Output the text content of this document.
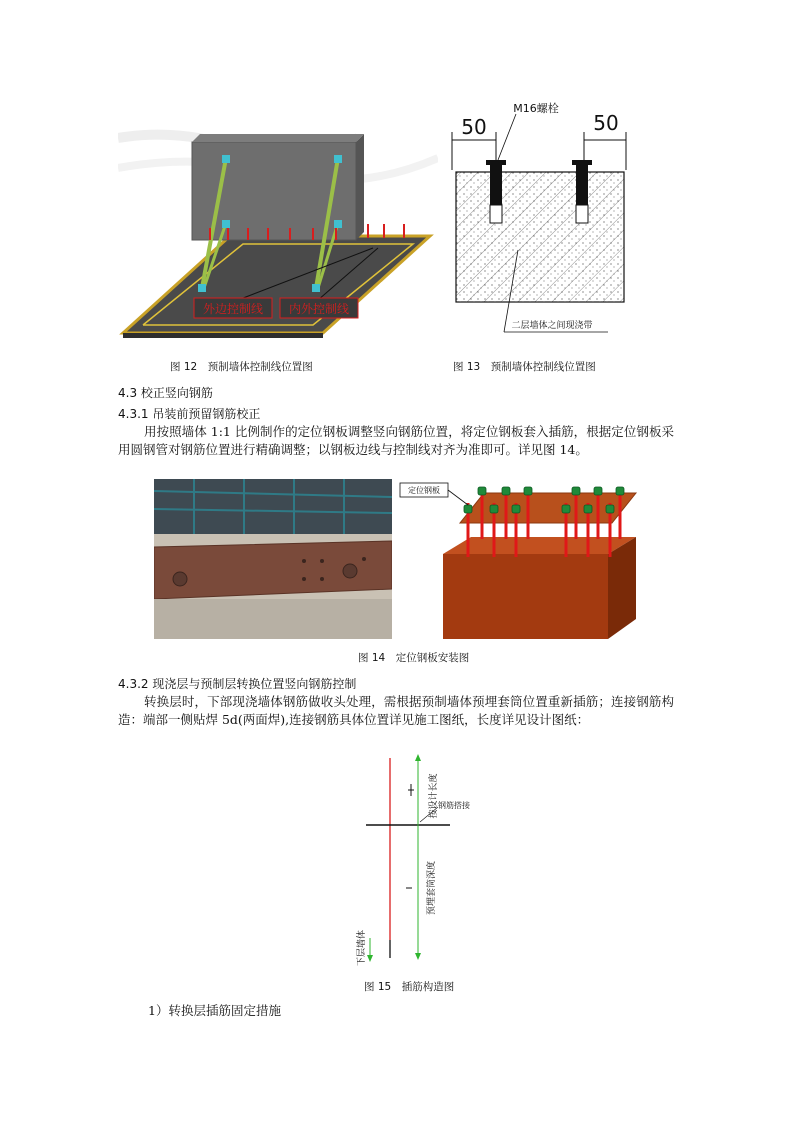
外边控制线 内外控制线
图 12　预制墙体控制线位置图
50	50
M16螺栓
二层墙体之间现浇带
图 13　预制墙体控制线位置图
4.3 校正竖向钢筋
4.3.1 吊装前预留钢筋校正
用按照墙体 1:1 比例制作的定位钢板调整竖向钢筋位置，将定位钢板套入插筋，根据定位钢板采用圆钢管对钢筋位置进行精确调整；以钢板边线与控制线对齐为准即可。详见图 14。
定位钢板
图 14　定位钢板安装图
4.3.2 现浇层与预制层转换位置竖向钢筋控制
转换层时，下部现浇墙体钢筋做收头处理，需根据预制墙体预埋套筒位置重新插筋；连接钢筋构造：端部一侧贴焊 5d(两面焊),连接钢筋具体位置详见施工图纸，长度详见设计图纸：
按设计长度 钢筋搭接
预埋套筒深度
下层墙体
图 15　插筋构造图
1）转换层插筋固定措施
